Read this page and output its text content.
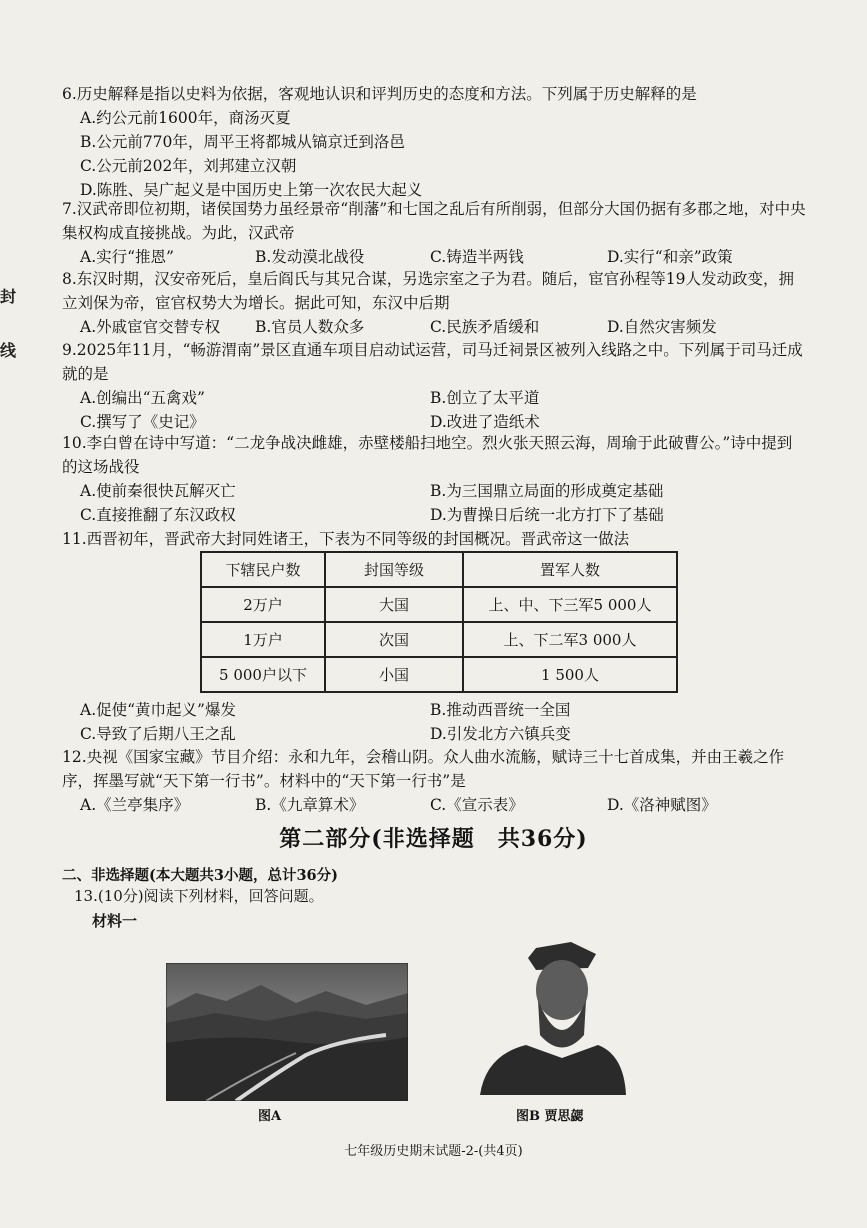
封
线
6.历史解释是指以史料为依据，客观地认识和评判历史的态度和方法。下列属于历史解释的是
A.约公元前1600年，商汤灭夏
B.公元前770年，周平王将都城从镐京迁到洛邑
C.公元前202年，刘邦建立汉朝
D.陈胜、吴广起义是中国历史上第一次农民大起义
7.汉武帝即位初期，诸侯国势力虽经景帝“削藩”和七国之乱后有所削弱，但部分大国仍据有多郡之地，对中央集权构成直接挑战。为此，汉武帝
A.实行“推恩”	B.发动漠北战役	C.铸造半两钱	D.实行“和亲”政策
8.东汉时期，汉安帝死后，皇后阎氏与其兄合谋，另选宗室之子为君。随后，宦官孙程等19人发动政变，拥立刘保为帝，宦官权势大为增长。据此可知，东汉中后期
A.外戚宦官交替专权	B.官员人数众多	C.民族矛盾缓和	D.自然灾害频发
9.2025年11月，“畅游渭南”景区直通车项目启动试运营，司马迁祠景区被列入线路之中。下列属于司马迁成就的是
A.创编出“五禽戏”	B.创立了太平道
C.撰写了《史记》	D.改进了造纸术
10.李白曾在诗中写道：“二龙争战决雌雄，赤壁楼船扫地空。烈火张天照云海，周瑜于此破曹公。”诗中提到的这场战役
A.使前秦很快瓦解灭亡	B.为三国鼎立局面的形成奠定基础
C.直接推翻了东汉政权	D.为曹操日后统一北方打下了基础
11.西晋初年，晋武帝大封同姓诸王，下表为不同等级的封国概况。晋武帝这一做法
下辖民户数	封国等级	置军人数
2万户	大国	上、中、下三军5 000人
1万户	次国	上、下二军3 000人
5 000户以下	小国	1 500人
A.促使“黄巾起义”爆发	B.推动西晋统一全国
C.导致了后期八王之乱	D.引发北方六镇兵变
12.央视《国家宝藏》节目介绍：永和九年，会稽山阴。众人曲水流觞，赋诗三十七首成集，并由王羲之作序，挥墨写就“天下第一行书”。材料中的“天下第一行书”是
A.《兰亭集序》	B.《九章算术》	C.《宣示表》	D.《洛神赋图》
第二部分(非选择题　共36分)
二、非选择题(本大题共3小题，总计36分)
13.(10分)阅读下列材料，回答问题。
材料一
图A	图B 贾思勰
七年级历史期末试题-2-(共4页)
